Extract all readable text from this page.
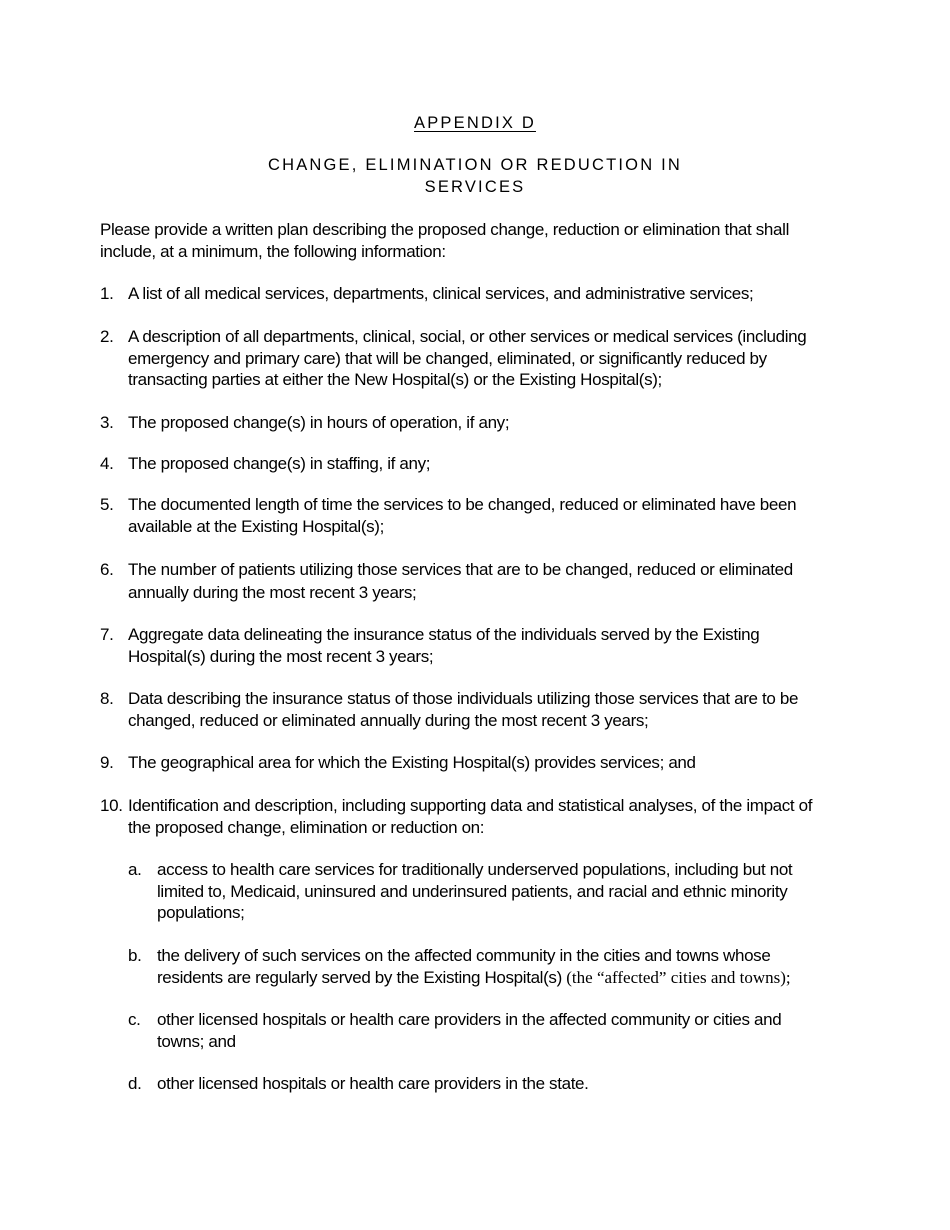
APPENDIX D
CHANGE, ELIMINATION OR REDUCTION IN
SERVICES
Please provide a written plan describing the proposed change, reduction or elimination that shall
include, at a minimum, the following information:
1. A list of all medical services, departments, clinical services, and administrative services;
2. A description of all departments, clinical, social, or other services or medical services (including
emergency and primary care) that will be changed, eliminated, or significantly reduced by
transacting parties at either the New Hospital(s) or the Existing Hospital(s);
3. The proposed change(s) in hours of operation, if any;
4. The proposed change(s) in staffing, if any;
5. The documented length of time the services to be changed, reduced or eliminated have been
available at the Existing Hospital(s);
6. The number of patients utilizing those services that are to be changed, reduced or eliminated
annually during the most recent 3 years;
7. Aggregate data delineating the insurance status of the individuals served by the Existing
Hospital(s) during the most recent 3 years;
8. Data describing the insurance status of those individuals utilizing those services that are to be
changed, reduced or eliminated annually during the most recent 3 years;
9. The geographical area for which the Existing Hospital(s) provides services; and
10. Identification and description, including supporting data and statistical analyses, of the impact of
the proposed change, elimination or reduction on:
a. access to health care services for traditionally underserved populations, including but not
limited to, Medicaid, uninsured and underinsured patients, and racial and ethnic minority
populations;
b. the delivery of such services on the affected community in the cities and towns whose
residents are regularly served by the Existing Hospital(s) (the “affected” cities and towns);
c. other licensed hospitals or health care providers in the affected community or cities and
towns; and
d. other licensed hospitals or health care providers in the state.
